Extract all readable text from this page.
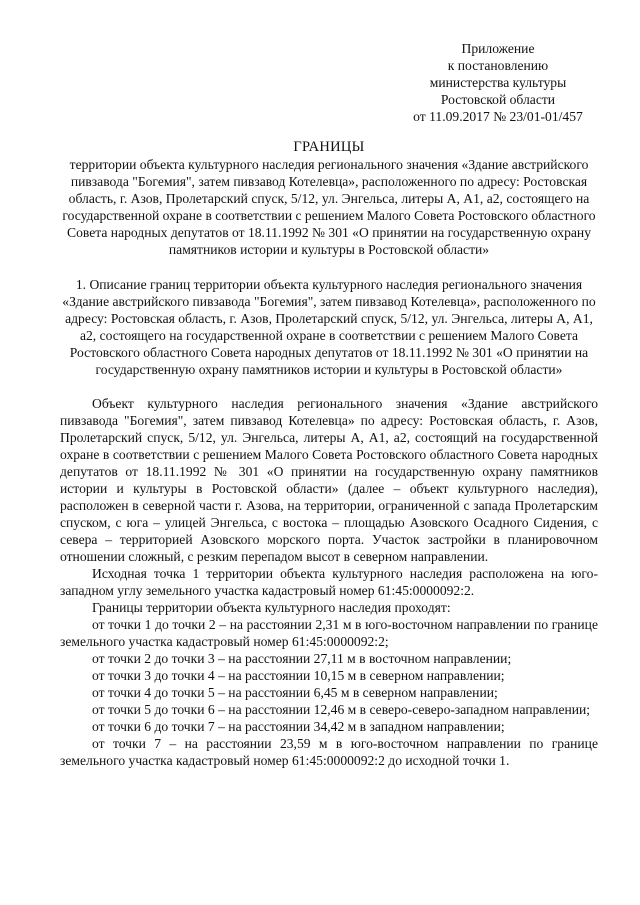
Приложение
к постановлению
министерства культуры
Ростовской области
от 11.09.2017 № 23/01-01/457
ГРАНИЦЫ
территории объекта культурного наследия регионального значения «Здание австрийского пивзавода "Богемия", затем пивзавод Котелевца», расположенного по адресу: Ростовская область, г. Азов, Пролетарский спуск, 5/12, ул. Энгельса, литеры А, А1, а2, состоящего на государственной охране в соответствии с решением Малого Совета Ростовского областного Совета народных депутатов от 18.11.1992 № 301 «О принятии на государственную охрану памятников истории и культуры в Ростовской области»
1. Описание границ территории объекта культурного наследия регионального значения «Здание австрийского пивзавода "Богемия", затем пивзавод Котелевца», расположенного по адресу: Ростовская область, г. Азов, Пролетарский спуск, 5/12, ул. Энгельса, литеры А, А1, а2, состоящего на государственной охране в соответствии с решением Малого Совета Ростовского областного Совета народных депутатов от 18.11.1992 № 301 «О принятии на государственную охрану памятников истории и культуры в Ростовской области»

Объект культурного наследия регионального значения «Здание австрийского пивзавода "Богемия", затем пивзавод Котелевца» по адресу: Ростовская область, г. Азов, Пролетарский спуск, 5/12, ул. Энгельса, литеры А, А1, а2, состоящий на государственной охране в соответствии с решением Малого Совета Ростовского областного Совета народных депутатов от 18.11.1992 № 301 «О принятии на государственную охрану памятников истории и культуры в Ростовской области» (далее – объект культурного наследия), расположен в северной части г. Азова, на территории, ограниченной с запада Пролетарским спуском, с юга – улицей Энгельса, с востока – площадью Азовского Осадного Сидения, с севера – территорией Азовского морского порта. Участок застройки в планировочном отношении сложный, с резким перепадом высот в северном направлении.

Исходная точка 1 территории объекта культурного наследия расположена на юго-западном углу земельного участка кадастровый номер 61:45:0000092:2.

Границы территории объекта культурного наследия проходят:

от точки 1 до точки 2 – на расстоянии 2,31 м в юго-восточном направлении по границе земельного участка кадастровый номер 61:45:0000092:2;

от точки 2 до точки 3 – на расстоянии 27,11 м в восточном направлении;

от точки 3 до точки 4 – на расстоянии 10,15 м в северном направлении;

от точки 4 до точки 5 – на расстоянии 6,45 м в северном направлении;

от точки 5 до точки 6 – на расстоянии 12,46 м в северо-северо-западном направлении;

от точки 6 до точки 7 – на расстоянии 34,42 м в западном направлении;

от точки 7 – на расстоянии 23,59 м в юго-восточном направлении по границе земельного участка кадастровый номер 61:45:0000092:2 до исходной точки 1.
